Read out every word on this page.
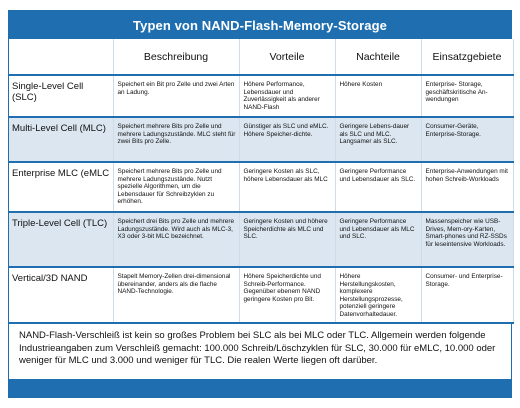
Typen von NAND-Flash-Memory-Storage
	Beschreibung	Vorteile	Nachteile	Einsatzgebiete
Single-Level Cell (SLC)	Speichert ein Bit pro Zelle und zwei Arten an Ladung.	Höhere Performance, Lebensdauer und Zuverlässigkeit als anderer NAND-Flash	Höhere Kosten	Enterprise- Storage, geschäftskritische An-wendungen
Multi-Level Cell (MLC)	Speichert mehrere Bits pro Zelle und mehrere Ladungszustände. MLC steht für zwei Bits pro Zelle.	Günstiger als SLC und eMLC. Höhere Speicher-dichte.	Geringere Lebens-dauer als SLC und MLC. Langsamer als SLC.	Consumer-Geräte, Enterprise-Storage.
Enterprise MLC (eMLC	Speichert mehrere Bits pro Zelle und mehrere Ladungszustände. Nutzt spezielle Algorithmen, um die Lebensdauer für Schreibzyklen zu erhöhen.	Geringere Kosten als SLC, höhere Lebensdauer als MLC	Geringere Performance und Lebensdauer als SLC.	Enterprise-Anwendungen mit hohen Schreib-Workloads
Triple-Level Cell (TLC)	Speichert drei Bits pro Zelle und mehrere Ladungszustände. Wird auch als MLC-3, X3 oder 3-bit MLC bezeichnet.	Geringere Kosten und höhere Speicherdichte als MLC und SLC.	Geringere Performance und Lebensdauer als MLC und SLC.	Massenspeicher wie USB-Drives, Mem-ory-Karten, Smart-phones und RZ-SSDs für leseintensive Workloads.
Vertical/3D NAND	Stapelt Memory-Zellen drei-dimensional übereinander, anders als die flache NAND-Technologie.	Höhere Speicherdichte und Schreib-Performance. Gegenüber ebenem NAND geringere Kosten pro Bit.	Höhere Herstellungskosten, komplexere Herstellungsprozesse, potenziell geringere Datenvorhaltedauer.	Consumer- und Enterprise-Storage.

NAND-Flash-Verschleiß ist kein so großes Problem bei SLC als bei MLC oder TLC. Allgemein werden folgende Industrieangaben zum Verschleiß gemacht: 100.000 Schreib/Löschzyklen für SLC, 30.000 für eMLC, 10.000 oder weniger für MLC und 3.000 und weniger für TLC. Die realen Werte liegen oft darüber.
